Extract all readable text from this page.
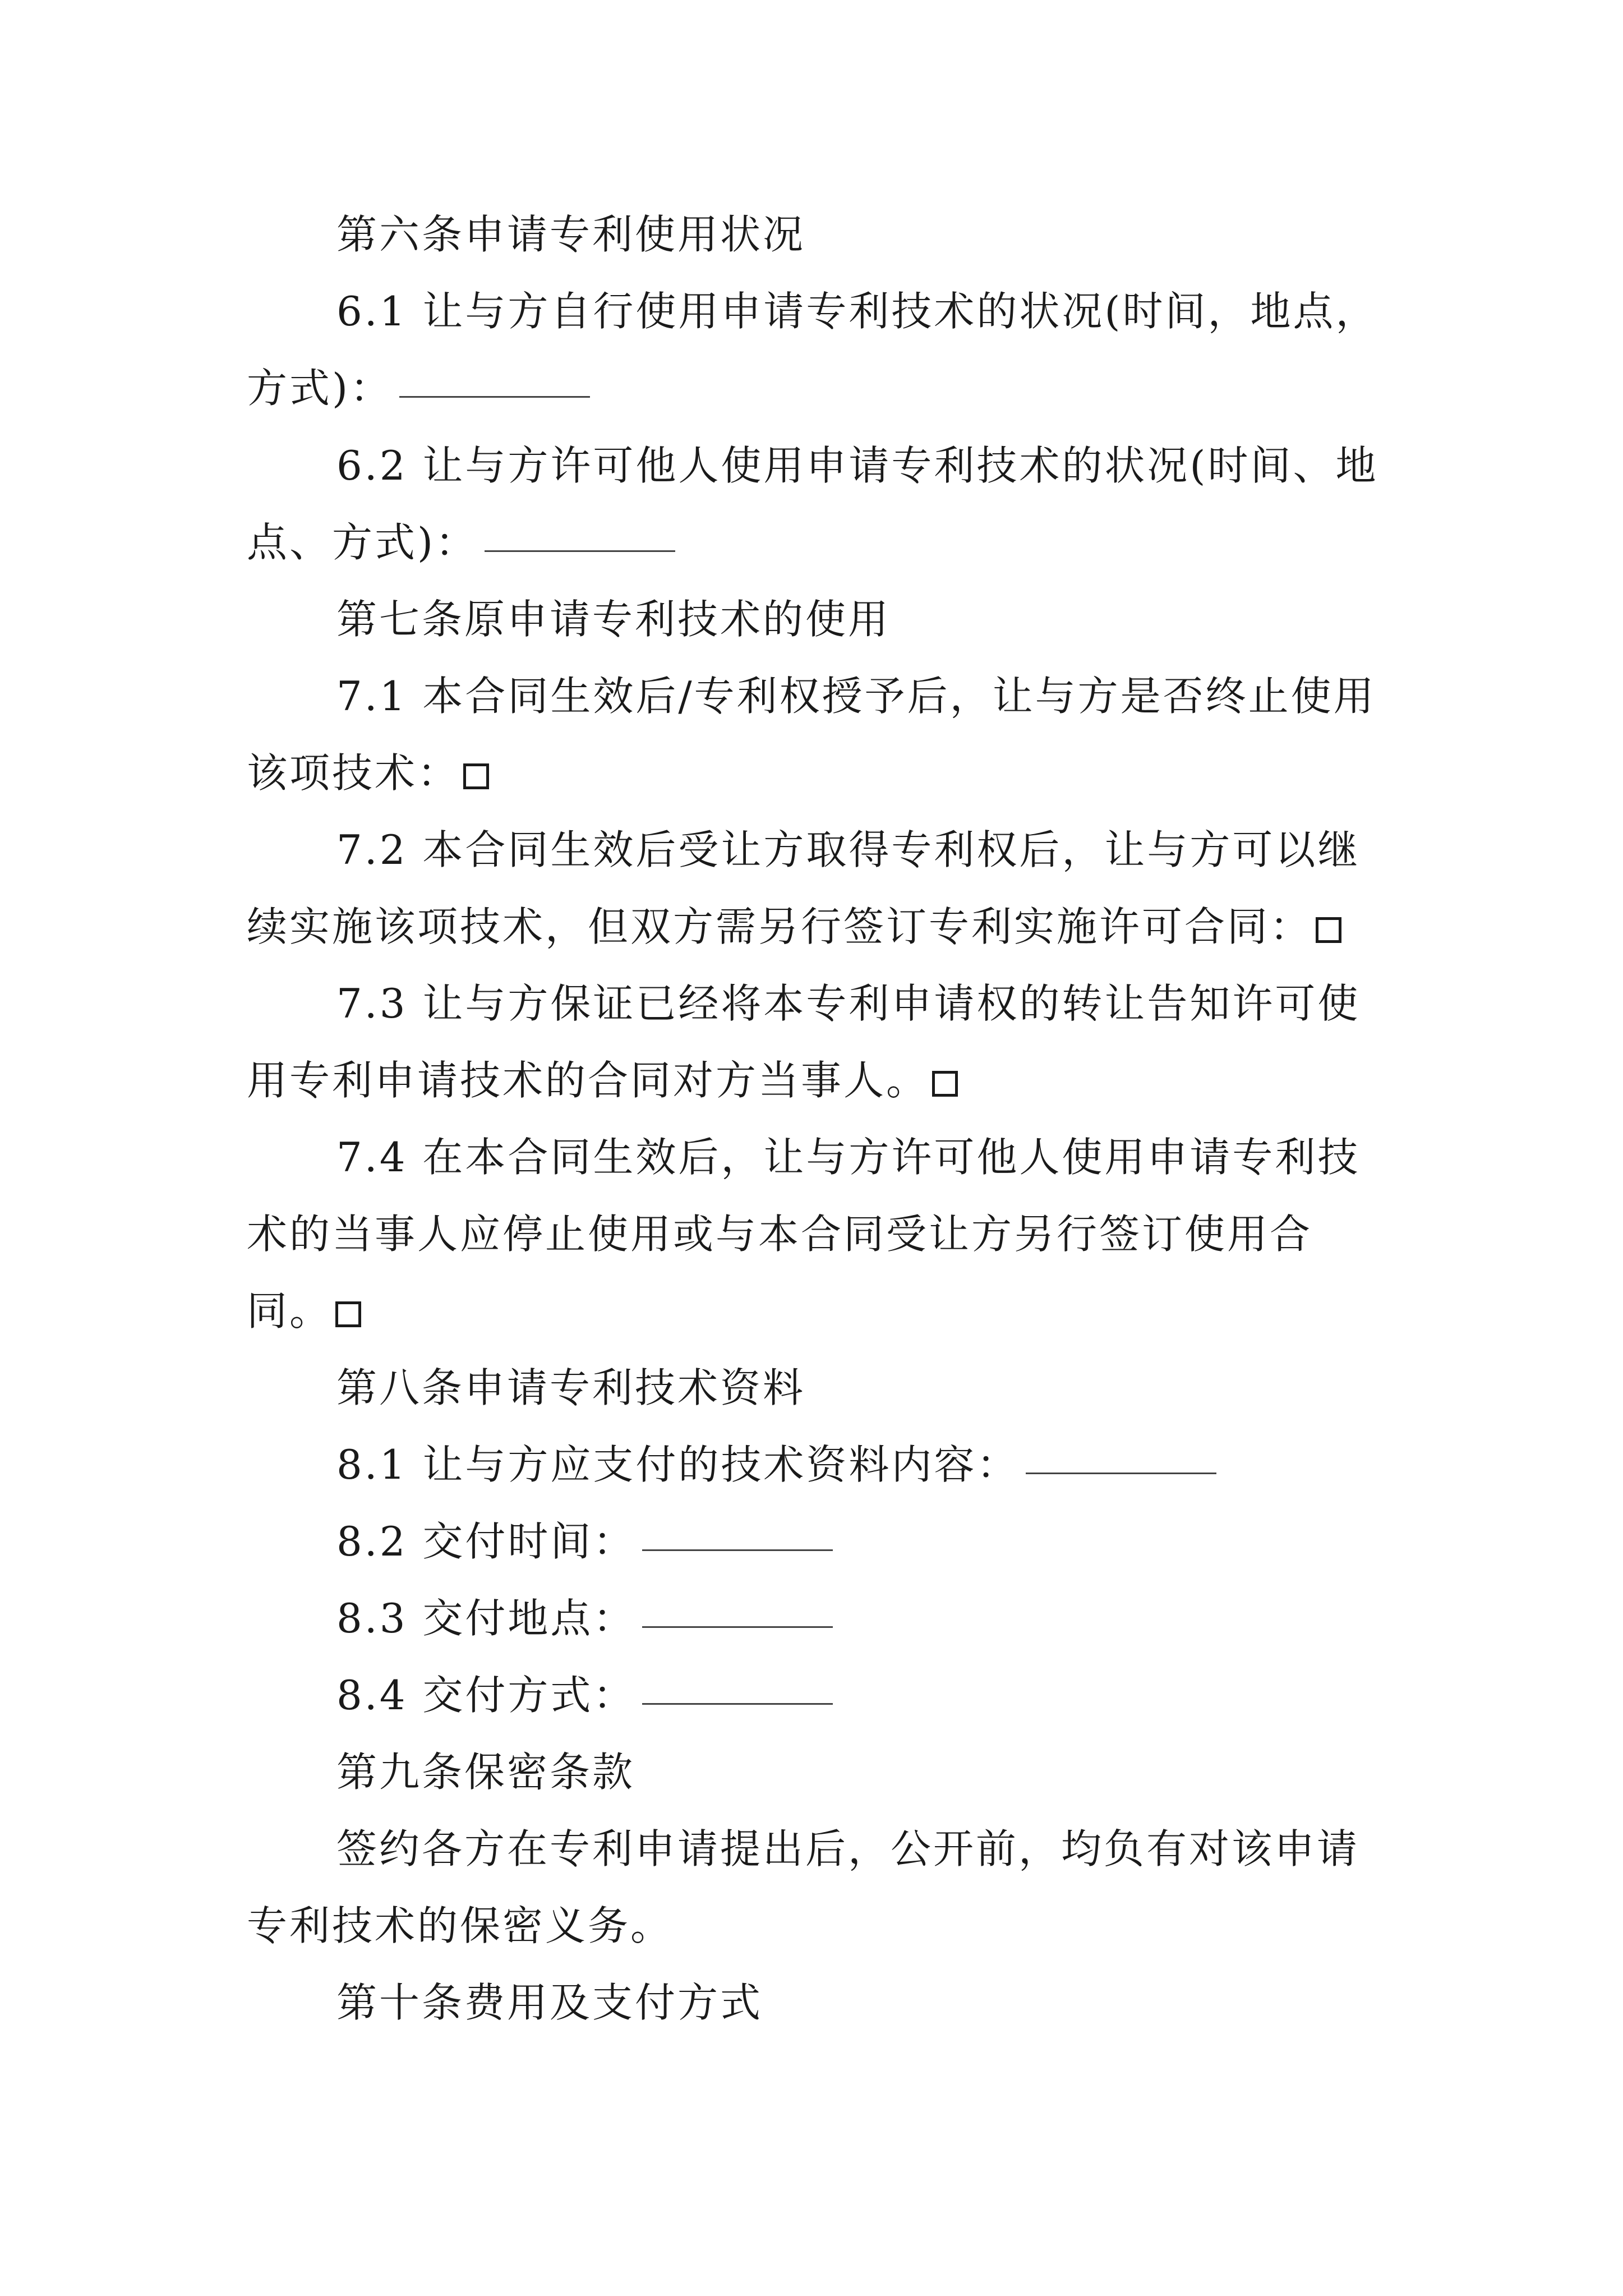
第六条申请专利使用状况
6.1 让与方自行使用申请专利技术的状况(时间，地点，
方式)：
6.2 让与方许可他人使用申请专利技术的状况(时间、地
点、方式)：
第七条原申请专利技术的使用
7.1 本合同生效后/专利权授予后，让与方是否终止使用
该项技术：
7.2 本合同生效后受让方取得专利权后，让与方可以继
续实施该项技术，但双方需另行签订专利实施许可合同：
7.3 让与方保证已经将本专利申请权的转让告知许可使
用专利申请技术的合同对方当事人。
7.4 在本合同生效后，让与方许可他人使用申请专利技
术的当事人应停止使用或与本合同受让方另行签订使用合
同。
第八条申请专利技术资料
8.1 让与方应支付的技术资料内容：
8.2 交付时间：
8.3 交付地点：
8.4 交付方式：
第九条保密条款
签约各方在专利申请提出后，公开前，均负有对该申请
专利技术的保密义务。
第十条费用及支付方式
